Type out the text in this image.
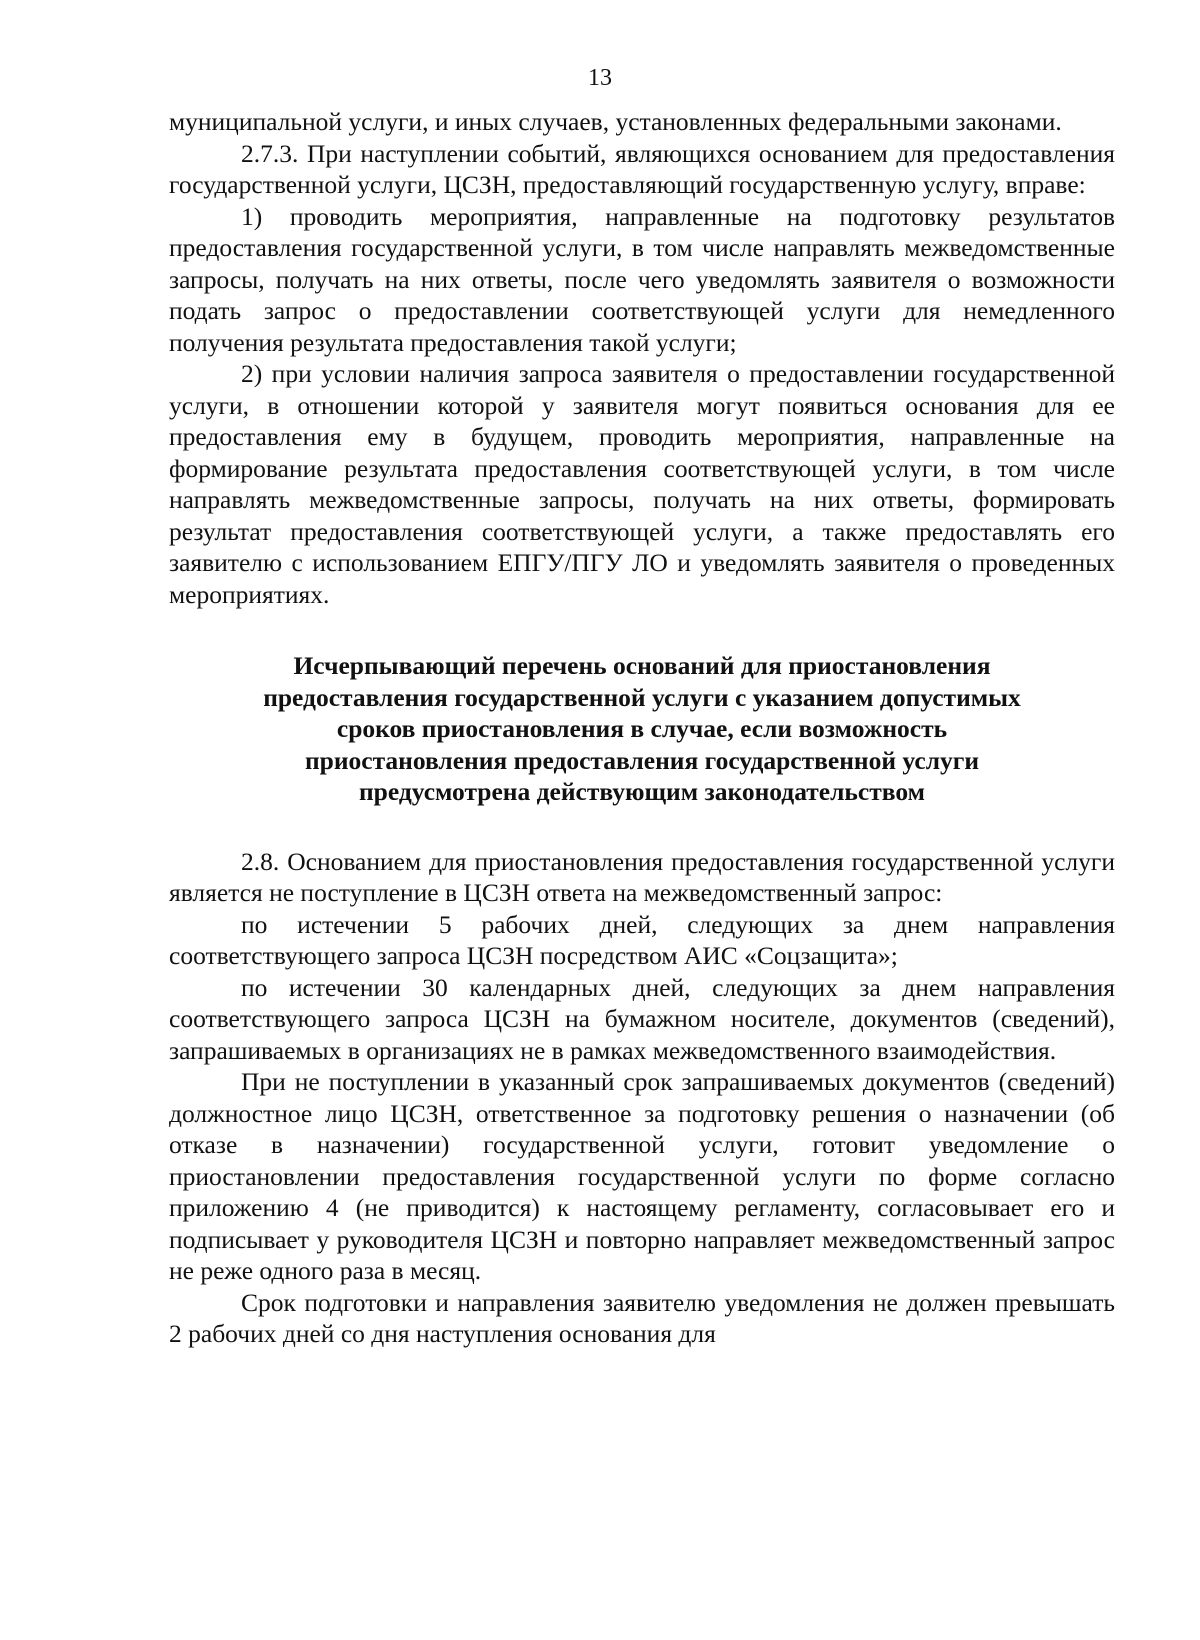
13

муниципальной услуги, и иных случаев, установленных федеральными законами.

2.7.3. При наступлении событий, являющихся основанием для предоставления государственной услуги, ЦСЗН, предоставляющий государственную услугу, вправе:

1) проводить мероприятия, направленные на подготовку результатов предоставления государственной услуги, в том числе направлять межведомственные запросы, получать на них ответы, после чего уведомлять заявителя о возможности подать запрос о предоставлении соответствующей услуги для немедленного получения результата предоставления такой услуги;

2) при условии наличия запроса заявителя о предоставлении государственной услуги, в отношении которой у заявителя могут появиться основания для ее предоставления ему в будущем, проводить мероприятия, направленные на формирование результата предоставления соответствующей услуги, в том числе направлять межведомственные запросы, получать на них ответы, формировать результат предоставления соответствующей услуги, а также предоставлять его заявителю с использованием ЕПГУ/ПГУ ЛО и уведомлять заявителя о проведенных мероприятиях.

Исчерпывающий перечень оснований для приостановления
предоставления государственной услуги с указанием допустимых
сроков приостановления в случае, если возможность
приостановления предоставления государственной услуги
предусмотрена действующим законодательством

2.8. Основанием для приостановления предоставления государственной услуги является не поступление в ЦСЗН ответа на межведомственный запрос:

по истечении 5 рабочих дней, следующих за днем направления соответствующего запроса ЦСЗН посредством АИС «Соцзащита»;

по истечении 30 календарных дней, следующих за днем направления соответствующего запроса ЦСЗН на бумажном носителе, документов (сведений), запрашиваемых в организациях не в рамках межведомственного взаимодействия.

При не поступлении в указанный срок запрашиваемых документов (сведений) должностное лицо ЦСЗН, ответственное за подготовку решения о назначении (об отказе в назначении) государственной услуги, готовит уведомление о приостановлении предоставления государственной услуги по форме согласно приложению 4 (не приводится) к настоящему регламенту, согласовывает его и подписывает у руководителя ЦСЗН и повторно направляет межведомственный запрос не реже одного раза в месяц.

Срок подготовки и направления заявителю уведомления не должен превышать 2 рабочих дней со дня наступления основания для
